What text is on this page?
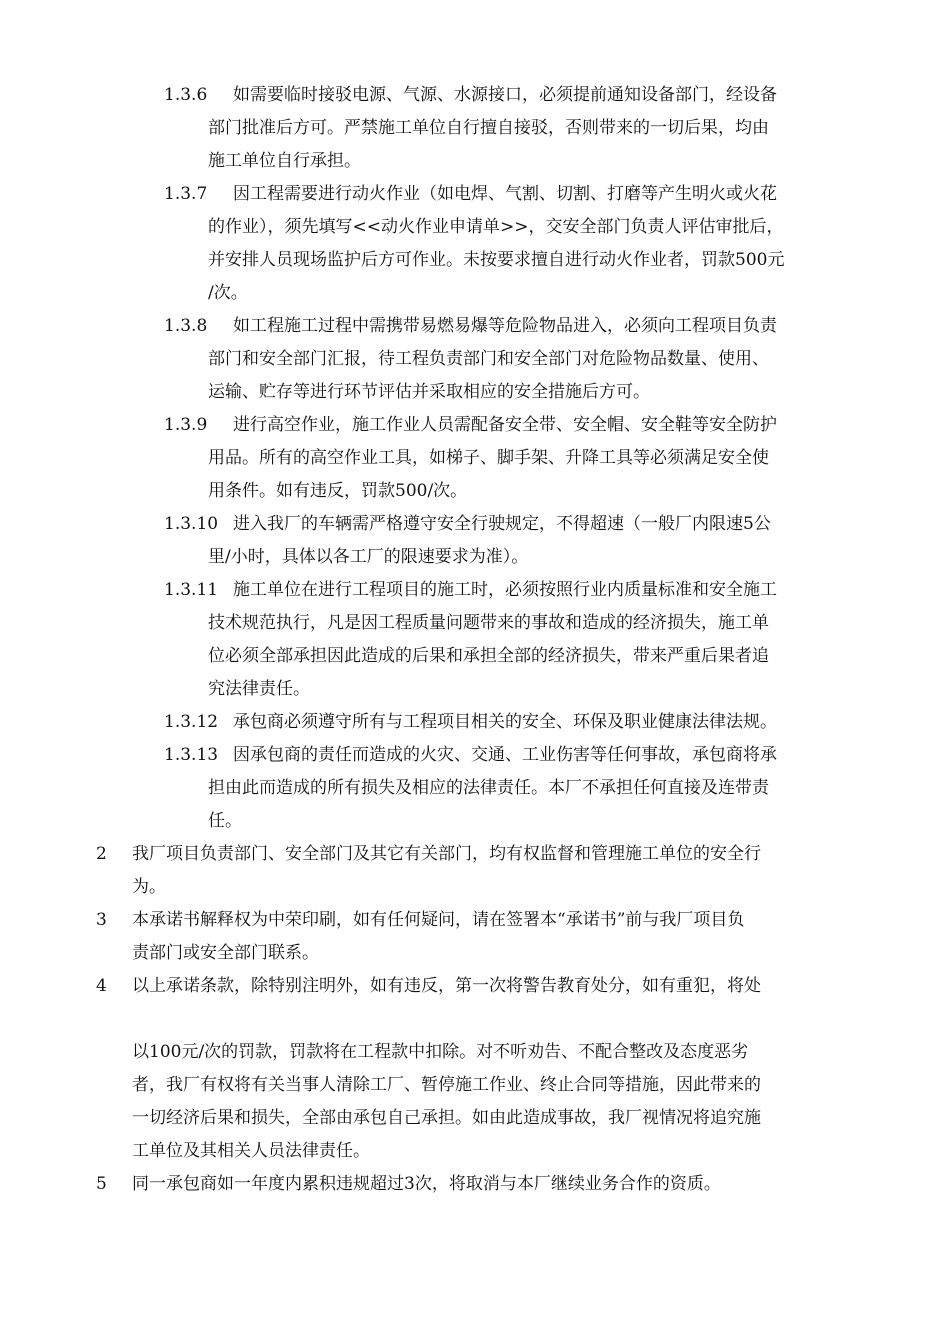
1.3.6 如需要临时接驳电源、气源、水源接口，必须提前通知设备部门，经设备
部门批准后方可。严禁施工单位自行擅自接驳，否则带来的一切后果，均由
施工单位自行承担。
1.3.7 因工程需要进行动火作业（如电焊、气割、切割、打磨等产生明火或火花
的作业），须先填写<<动火作业申请单>>，交安全部门负责人评估审批后，
并安排人员现场监护后方可作业。未按要求擅自进行动火作业者，罚款500元
/次。
1.3.8 如工程施工过程中需携带易燃易爆等危险物品进入，必须向工程项目负责
部门和安全部门汇报，待工程负责部门和安全部门对危险物品数量、使用、
运输、贮存等进行环节评估并采取相应的安全措施后方可。
1.3.9 进行高空作业，施工作业人员需配备安全带、安全帽、安全鞋等安全防护
用品。所有的高空作业工具，如梯子、脚手架、升降工具等必须满足安全使
用条件。如有违反，罚款500/次。
1.3.10 进入我厂的车辆需严格遵守安全行驶规定，不得超速（一般厂内限速5公
里/小时，具体以各工厂的限速要求为准）。
1.3.11 施工单位在进行工程项目的施工时，必须按照行业内质量标准和安全施工
技术规范执行，凡是因工程质量问题带来的事故和造成的经济损失，施工单
位必须全部承担因此造成的后果和承担全部的经济损失，带来严重后果者追
究法律责任。
1.3.12 承包商必须遵守所有与工程项目相关的安全、环保及职业健康法律法规。
1.3.13 因承包商的责任而造成的火灾、交通、工业伤害等任何事故，承包商将承
担由此而造成的所有损失及相应的法律责任。本厂不承担任何直接及连带责
任。
2 我厂项目负责部门、安全部门及其它有关部门，均有权监督和管理施工单位的安全行
为。
3 本承诺书解释权为中荣印刷，如有任何疑问，请在签署本“承诺书”前与我厂项目负
责部门或安全部门联系。
4 以上承诺条款，除特别注明外，如有违反，第一次将警告教育处分，如有重犯，将处
以100元/次的罚款，罚款将在工程款中扣除。对不听劝告、不配合整改及态度恶劣
者，我厂有权将有关当事人清除工厂、暂停施工作业、终止合同等措施，因此带来的
一切经济后果和损失，全部由承包自己承担。如由此造成事故，我厂视情况将追究施
工单位及其相关人员法律责任。
5 同一承包商如一年度内累积违规超过3次，将取消与本厂继续业务合作的资质。
